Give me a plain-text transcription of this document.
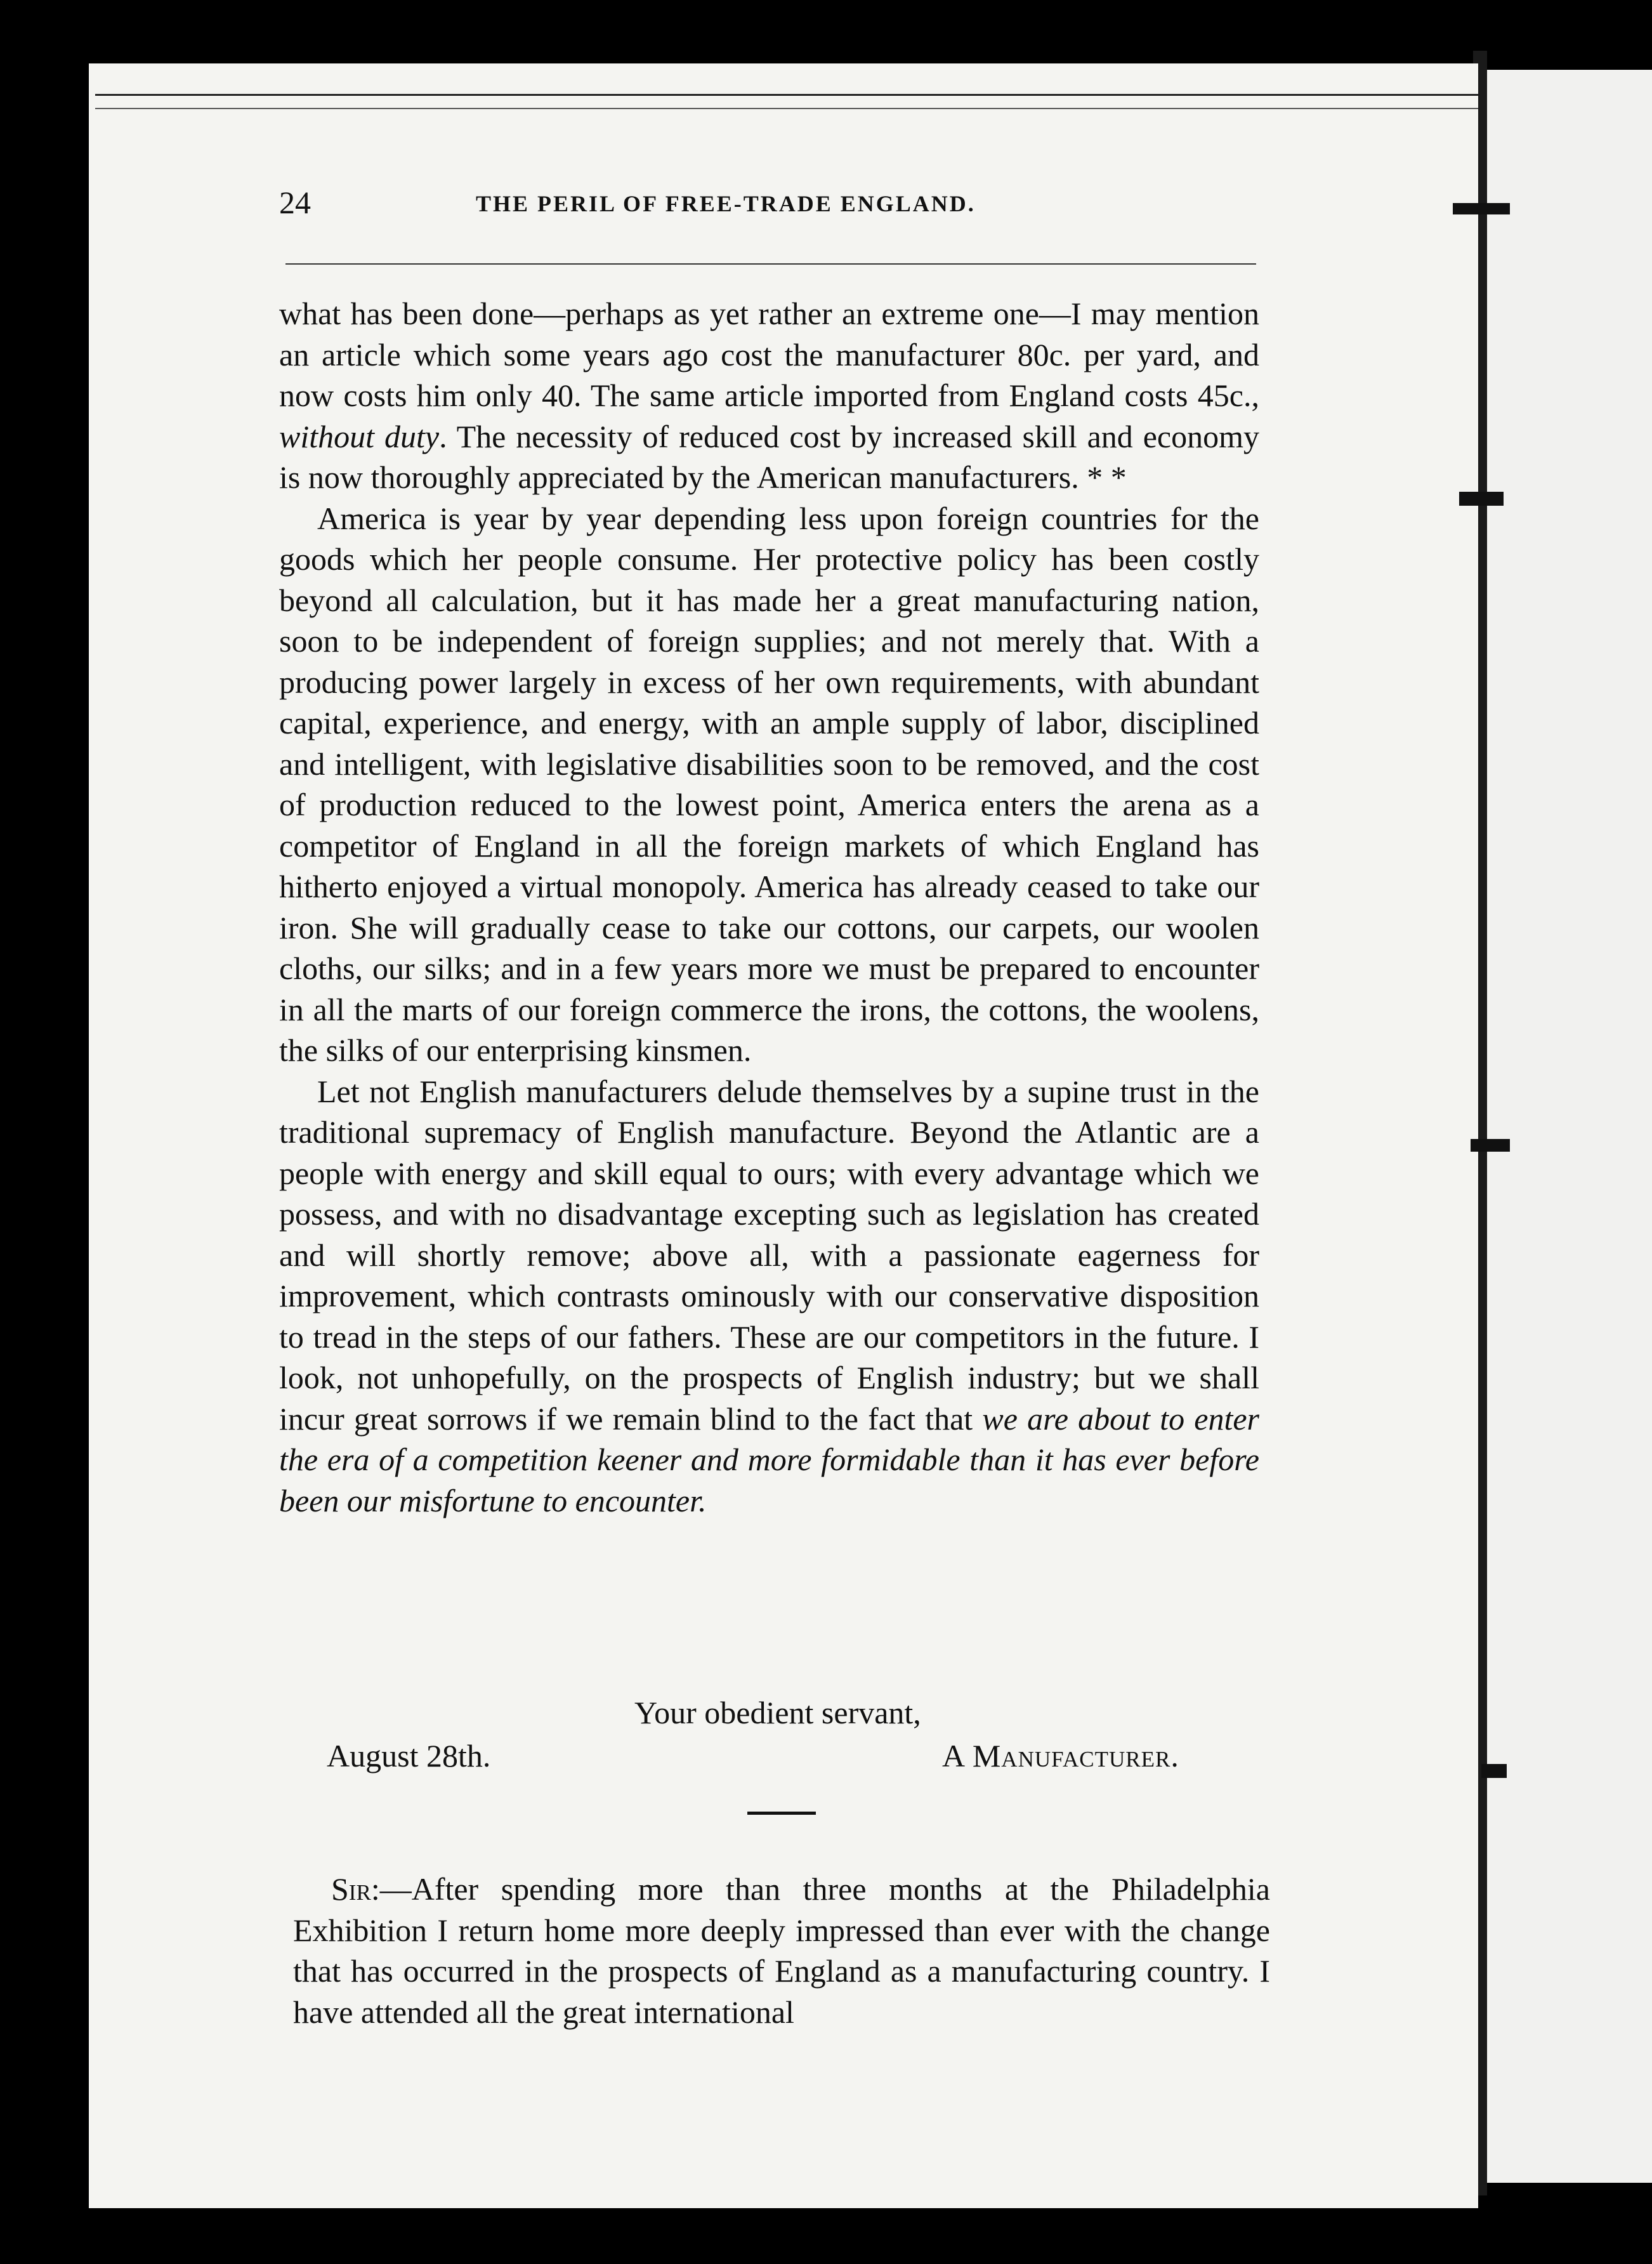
24	THE PERIL OF FREE-TRADE ENGLAND.

what has been done—perhaps as yet rather an extreme one—I may mention an article which some years ago cost the manufacturer 80c. per yard, and now costs him only 40. The same article imported from England costs 45c., without duty. The necessity of reduced cost by increased skill and economy is now thoroughly appreciated by the American manufacturers. * *

America is year by year depending less upon foreign countries for the goods which her people consume. Her protective policy has been costly beyond all calculation, but it has made her a great manufacturing nation, soon to be independent of foreign supplies; and not merely that. With a producing power largely in excess of her own requirements, with abundant capital, experience, and energy, with an ample supply of labor, disciplined and intelligent, with legislative disabilities soon to be removed, and the cost of production reduced to the lowest point, America enters the arena as a competitor of England in all the foreign markets of which England has hitherto enjoyed a virtual monopoly. America has already ceased to take our iron. She will gradually cease to take our cottons, our carpets, our woolen cloths, our silks; and in a few years more we must be prepared to encounter in all the marts of our foreign commerce the irons, the cottons, the woolens, the silks of our enterprising kinsmen.

Let not English manufacturers delude themselves by a supine trust in the traditional supremacy of English manufacture. Beyond the Atlantic are a people with energy and skill equal to ours; with every advantage which we possess, and with no disadvantage excepting such as legislation has created and will shortly remove; above all, with a passionate eagerness for improvement, which contrasts ominously with our conservative disposition to tread in the steps of our fathers. These are our competitors in the future. I look, not unhopefully, on the prospects of English industry; but we shall incur great sorrows if we remain blind to the fact that we are about to enter the era of a competition keener and more formidable than it has ever before been our misfortune to encounter.

Your obedient servant,
August 28th.	A Manufacturer.

Sir:—After spending more than three months at the Philadelphia Exhibition I return home more deeply impressed than ever with the change that has occurred in the prospects of England as a manufacturing country. I have attended all the great international
